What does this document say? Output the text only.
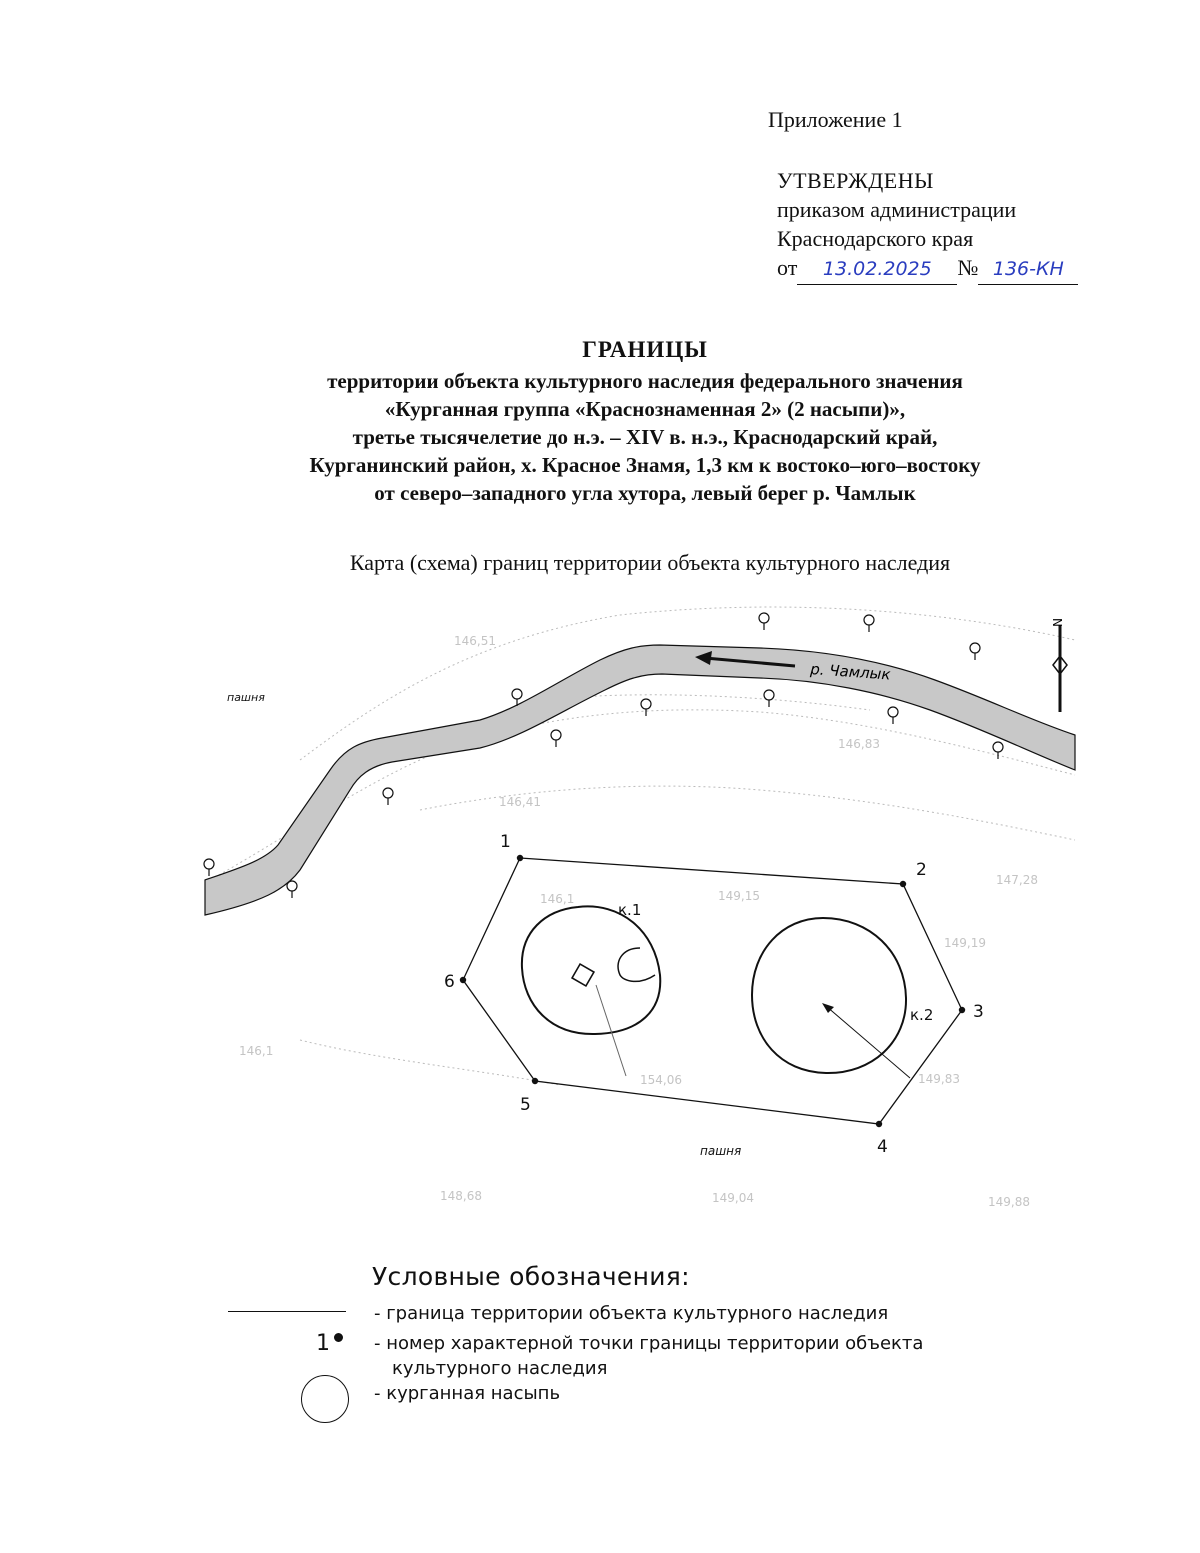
Приложение 1
УТВЕРЖДЕНЫ
приказом администрации
Краснодарского края
от 13.02.2025 № 136-КН
ГРАНИЦЫ
территории объекта культурного наследия федерального значения
«Курганная группа «Краснознаменная 2» (2 насыпи)»,
третье тысячелетие до н.э. – XIV в. н.э., Краснодарский край,
Курганинский район, х. Красное Знамя, 1,3 км к востоко–юго–востоку
от северо–западного угла хутора, левый берег р. Чамлык
Карта (схема) границ территории объекта культурного наследия
р. Чамлык
N
1
2
3
4
5
6
к.1
к.2
пашня
пашня
146,51
146,83
146,41
147,28
146,1	149,15
149,19
146,1
154,06	149,83
148,68	149,04	149,88
Условные обозначения:
- граница территории объекта культурного наследия
1	- номер характерной точки границы территории объекта
культурного наследия
- курганная насыпь
